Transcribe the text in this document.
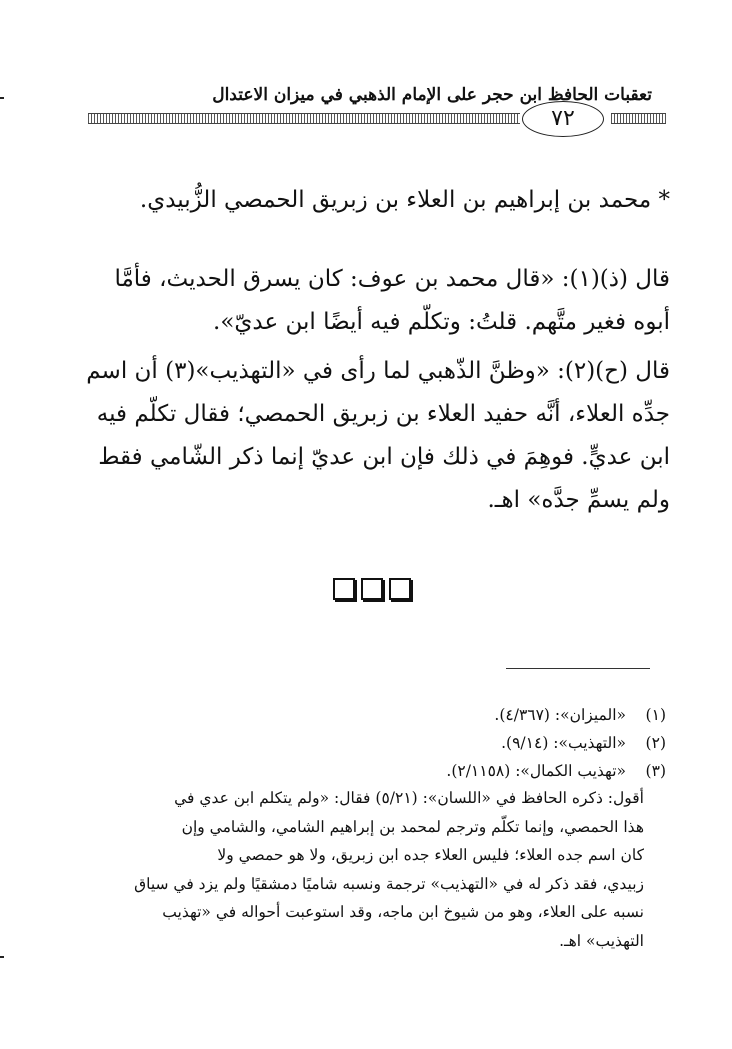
تعقبات الحافظ ابن حجر على الإمام الذهبي في ميزان الاعتدال
٧٢
* محمد بن إبراهيم بن العلاء بن زبريق الحمصي الزُّبيدي.
قال (ذ)(١): «قال محمد بن عوف: كان يسرق الحديث، فأمَّا
أبوه فغير متَّهم. قلتُ: وتكلّم فيه أيضًا ابن عديّ».
قال (ح)(٢): «وظنَّ الذّهبي لما رأى في «التهذيب»(٣) أن اسم
جدِّه العلاء، أنَّه حفيد العلاء بن زبريق الحمصي؛ فقال تكلّم فيه
ابن عديٍّ. فوهِمَ في ذلك فإن ابن عديّ إنما ذكر الشّامي فقط
ولم يسمِّ جدَّه» اهـ.
(١)«الميزان»: (٤/٣٦٧).
(٢)«التهذيب»: (٩/١٤).
(٣)«تهذيب الكمال»: (٢/١١٥٨).
أقول: ذكره الحافظ في «اللسان»: (٥/٢١) فقال: «ولم يتكلم ابن عدي في
هذا الحمصي، وإنما تكلّم وترجم لمحمد بن إبراهيم الشامي، والشامي وإن
كان اسم جده العلاء؛ فليس العلاء جده ابن زبريق، ولا هو حمصي ولا
زبيدي، فقد ذكر له في «التهذيب» ترجمة ونسبه شاميًا دمشقيًا ولم يزد في سياق
نسبه على العلاء، وهو من شيوخ ابن ماجه، وقد استوعبت أحواله في «تهذيب
التهذيب» اهـ.
